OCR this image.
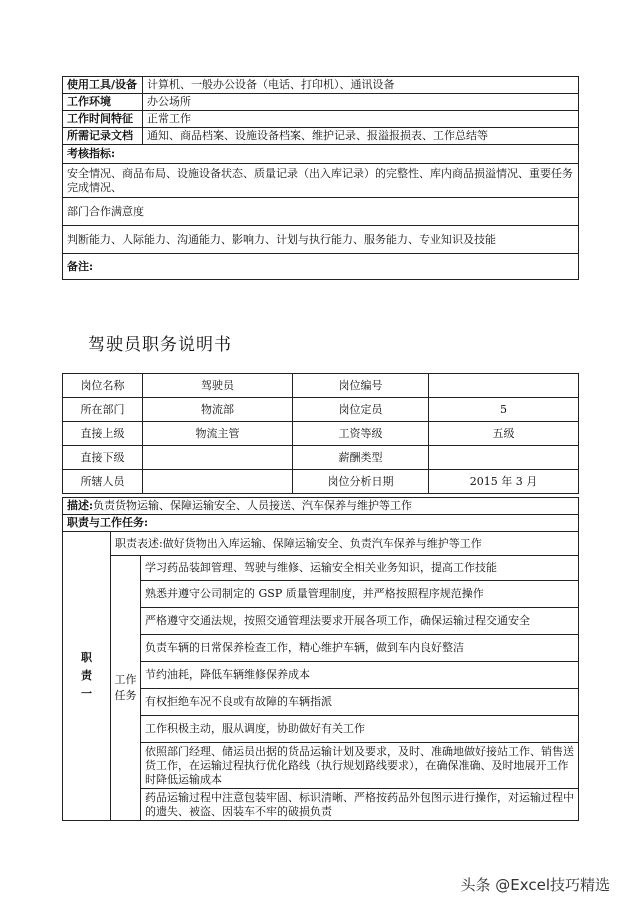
使用工具/设备	计算机、一般办公设备（电话、打印机）、通讯设备
工作环境	办公场所
工作时间特征	正常工作
所需记录文档	通知、商品档案、设施设备档案、维护记录、报溢报损表、工作总结等
考核指标:	
安全情况、商品布局、设施设备状态、质量记录（出入库记录）的完整性、库内商品损溢情况、重要任务完成情况、	
部门合作满意度	
判断能力、人际能力、沟通能力、影响力、计划与执行能力、服务能力、专业知识及技能	
备注:	
驾驶员职务说明书
岗位名称	驾驶员	岗位编号	
所在部门	物流部	岗位定员	5
直接上级	物流主管	工资等级	五级
直接下级		薪酬类型	
所辖人员		岗位分析日期	2015 年 3 月
描述:负责货物运输、保障运输安全、人员接送、汽车保养与维护等工作		
职责与工作任务:		

职责一	职责表述:做好货物出入库运输、保障运输安全、负责汽车保养与维护等工作	

	工作任务	学习药品装卸管理、驾驶与维修、运输安全相关业务知识，提高工作技能
		熟悉并遵守公司制定的 GSP 质量管理制度，并严格按照程序规范操作
		严格遵守交通法规，按照交通管理法要求开展各项工作，确保运输过程交通安全
		负责车辆的日常保养检查工作，精心维护车辆，做到车内良好整洁
		节约油耗，降低车辆维修保养成本
		有权拒绝车况不良或有故障的车辆指派
		工作积极主动，服从调度，协助做好有关工作
		依照部门经理、储运员出据的货品运输计划及要求，及时、准确地做好接站工作、销售送货工作，在运输过程执行优化路线（执行规划路线要求），在确保准确、及时地展开工作时降低运输成本
		药品运输过程中注意包装牢固、标识清晰、严格按药品外包图示进行操作，对运输过程中的遗失、被盗、因装车不牢的破损负责
头条 @Excel技巧精选
